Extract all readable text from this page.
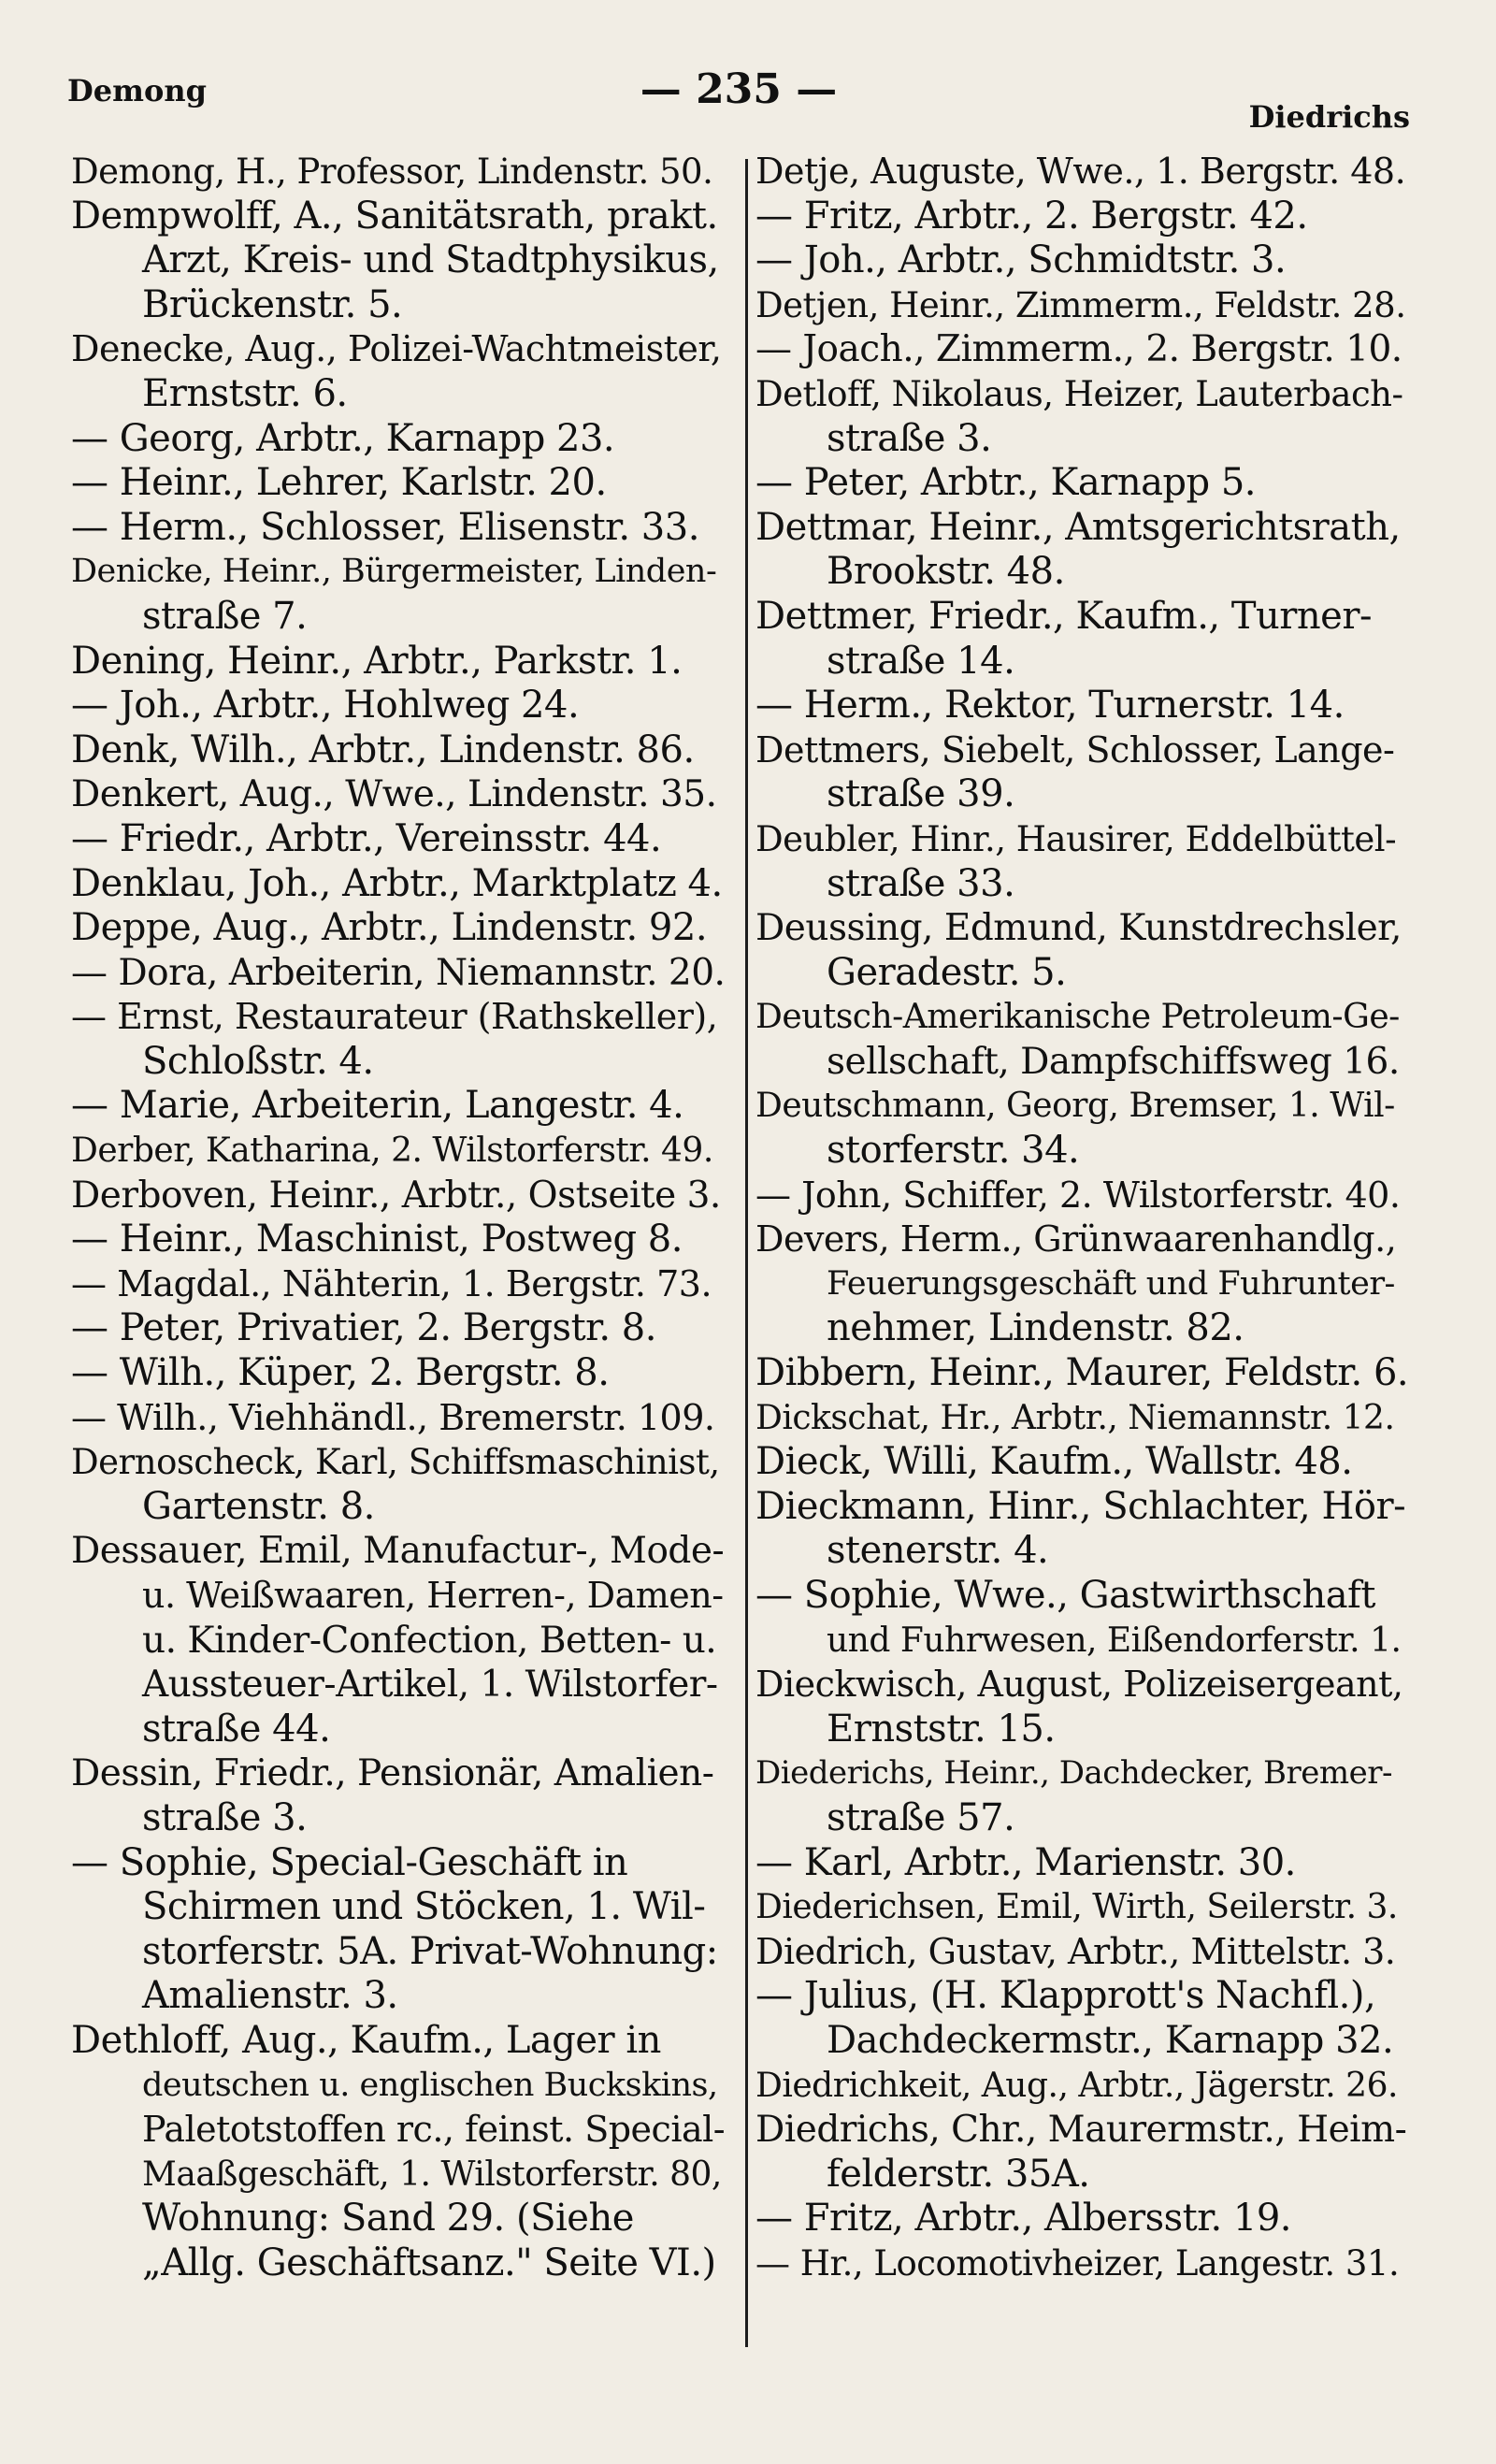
Demong	— 235 —
Diedrichs
Demong, H., Professor, Lindenstr. 50.
Dempwolff, A., Sanitätsrath, prakt.
Arzt, Kreis- und Stadtphysikus,
Brückenstr. 5.
Denecke, Aug., Polizei-Wachtmeister,
Ernststr. 6.
— Georg, Arbtr., Karnapp 23.
— Heinr., Lehrer, Karlstr. 20.
— Herm., Schlosser, Elisenstr. 33.
Denicke, Heinr., Bürgermeister, Linden-
straße 7.
Dening, Heinr., Arbtr., Parkstr. 1.
— Joh., Arbtr., Hohlweg 24.
Denk, Wilh., Arbtr., Lindenstr. 86.
Denkert, Aug., Wwe., Lindenstr. 35.
— Friedr., Arbtr., Vereinsstr. 44.
Denklau, Joh., Arbtr., Marktplatz 4.
Deppe, Aug., Arbtr., Lindenstr. 92.
— Dora, Arbeiterin, Niemannstr. 20.
— Ernst, Restaurateur (Rathskeller),
Schloßstr. 4.
— Marie, Arbeiterin, Langestr. 4.
Derber, Katharina, 2. Wilstorferstr. 49.
Derboven, Heinr., Arbtr., Ostseite 3.
— Heinr., Maschinist, Postweg 8.
— Magdal., Nähterin, 1. Bergstr. 73.
— Peter, Privatier, 2. Bergstr. 8.
— Wilh., Küper, 2. Bergstr. 8.
— Wilh., Viehhändl., Bremerstr. 109.
Dernoscheck, Karl, Schiffsmaschinist,
Gartenstr. 8.
Dessauer, Emil, Manufactur-, Mode-
u. Weißwaaren, Herren-, Damen-
u. Kinder-Confection, Betten- u.
Aussteuer-Artikel, 1. Wilstorfer-
straße 44.
Dessin, Friedr., Pensionär, Amalien-
straße 3.
— Sophie, Special-Geschäft in
Schirmen und Stöcken, 1. Wil-
storferstr. 5A. Privat-Wohnung:
Amalienstr. 3.
Dethloff, Aug., Kaufm., Lager in
deutschen u. englischen Buckskins,
Paletotstoffen rc., feinst. Special-
Maaßgeschäft, 1. Wilstorferstr. 80,
Wohnung: Sand 29. (Siehe
„Allg. Geschäftsanz." Seite VI.)
Detje, Auguste, Wwe., 1. Bergstr. 48.
— Fritz, Arbtr., 2. Bergstr. 42.
— Joh., Arbtr., Schmidtstr. 3.
Detjen, Heinr., Zimmerm., Feldstr. 28.
— Joach., Zimmerm., 2. Bergstr. 10.
Detloff, Nikolaus, Heizer, Lauterbach-
straße 3.
— Peter, Arbtr., Karnapp 5.
Dettmar, Heinr., Amtsgerichtsrath,
Brookstr. 48.
Dettmer, Friedr., Kaufm., Turner-
straße 14.
— Herm., Rektor, Turnerstr. 14.
Dettmers, Siebelt, Schlosser, Lange-
straße 39.
Deubler, Hinr., Hausirer, Eddelbüttel-
straße 33.
Deussing, Edmund, Kunstdrechsler,
Geradestr. 5.
Deutsch-Amerikanische Petroleum-Ge-
sellschaft, Dampfschiffsweg 16.
Deutschmann, Georg, Bremser, 1. Wil-
storferstr. 34.
— John, Schiffer, 2. Wilstorferstr. 40.
Devers, Herm., Grünwaarenhandlg.,
Feuerungsgeschäft und Fuhrunter-
nehmer, Lindenstr. 82.
Dibbern, Heinr., Maurer, Feldstr. 6.
Dickschat, Hr., Arbtr., Niemannstr. 12.
Dieck, Willi, Kaufm., Wallstr. 48.
Dieckmann, Hinr., Schlachter, Hör-
stenerstr. 4.
— Sophie, Wwe., Gastwirthschaft
und Fuhrwesen, Eißendorferstr. 1.
Dieckwisch, August, Polizeisergeant,
Ernststr. 15.
Diederichs, Heinr., Dachdecker, Bremer-
straße 57.
— Karl, Arbtr., Marienstr. 30.
Diederichsen, Emil, Wirth, Seilerstr. 3.
Diedrich, Gustav, Arbtr., Mittelstr. 3.
— Julius, (H. Klapprott's Nachfl.),
Dachdeckermstr., Karnapp 32.
Diedrichkeit, Aug., Arbtr., Jägerstr. 26.
Diedrichs, Chr., Maurermstr., Heim-
felderstr. 35A.
— Fritz, Arbtr., Albersstr. 19.
— Hr., Locomotivheizer, Langestr. 31.
